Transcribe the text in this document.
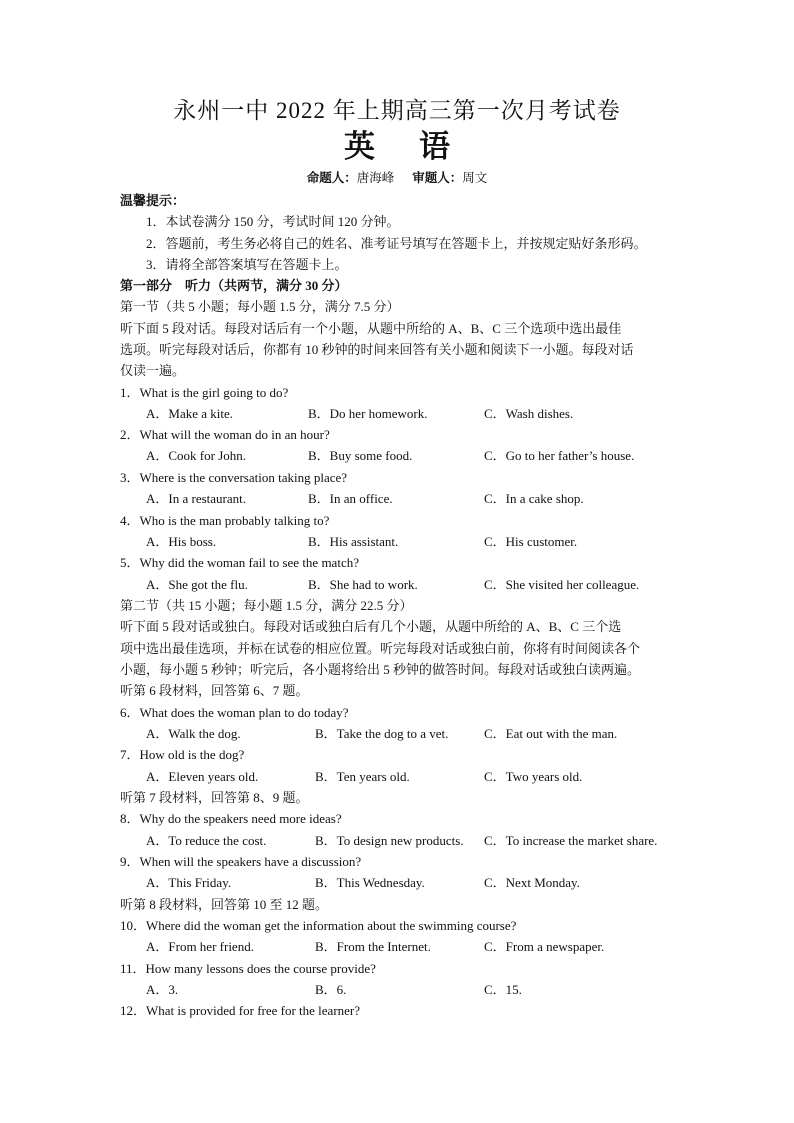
永州一中 2022 年上期高三第一次月考试卷
英 语
命题人：唐海峰 审题人：周文
温馨提示：
1．本试卷满分 150 分，考试时间 120 分钟。
2．答题前，考生务必将自己的姓名、准考证号填写在答题卡上，并按规定贴好条形码。
3．请将全部答案填写在答题卡上。
第一部分　听力（共两节，满分 30 分）
第一节（共 5 小题；每小题 1.5 分，满分 7.5 分）
听下面 5 段对话。每段对话后有一个小题，从题中所给的 A、B、C 三个选项中选出最佳
选项。听完每段对话后，你都有 10 秒钟的时间来回答有关小题和阅读下一小题。每段对话
仅读一遍。
1．What is the girl going to do?
A．Make a kite.	B．Do her homework.	C．Wash dishes.
2．What will the woman do in an hour?
A．Cook for John.	B．Buy some food.	C．Go to her father’s house.
3．Where is the conversation taking place?
A．In a restaurant.	B．In an office.	C．In a cake shop.
4．Who is the man probably talking to?
A．His boss.	B．His assistant.	C．His customer.
5．Why did the woman fail to see the match?
A．She got the flu.	B．She had to work.	C．She visited her colleague.
第二节（共 15 小题；每小题 1.5 分，满分 22.5 分）
听下面 5 段对话或独白。每段对话或独白后有几个小题，从题中所给的 A、B、C 三个选
项中选出最佳选项，并标在试卷的相应位置。听完每段对话或独白前，你将有时间阅读各个
小题，每小题 5 秒钟；听完后，各小题将给出 5 秒钟的做答时间。每段对话或独白读两遍。
听第 6 段材料，回答第 6、7 题。
6．What does the woman plan to do today?
A．Walk the dog.	B．Take the dog to a vet.	C．Eat out with the man.
7．How old is the dog?
A．Eleven years old.	B．Ten years old.	C．Two years old.
听第 7 段材料，回答第 8、9 题。
8．Why do the speakers need more ideas?
A．To reduce the cost.	B．To design new products. C．To increase the market share.
9．When will the speakers have a discussion?
A．This Friday.	B．This Wednesday.	C．Next Monday.
听第 8 段材料，回答第 10 至 12 题。
10．Where did the woman get the information about the swimming course?
A．From her friend.	B．From the Internet.	C．From a newspaper.
11．How many lessons does the course provide?
A．3.	B．6.	C．15.
12．What is provided for free for the learner?
